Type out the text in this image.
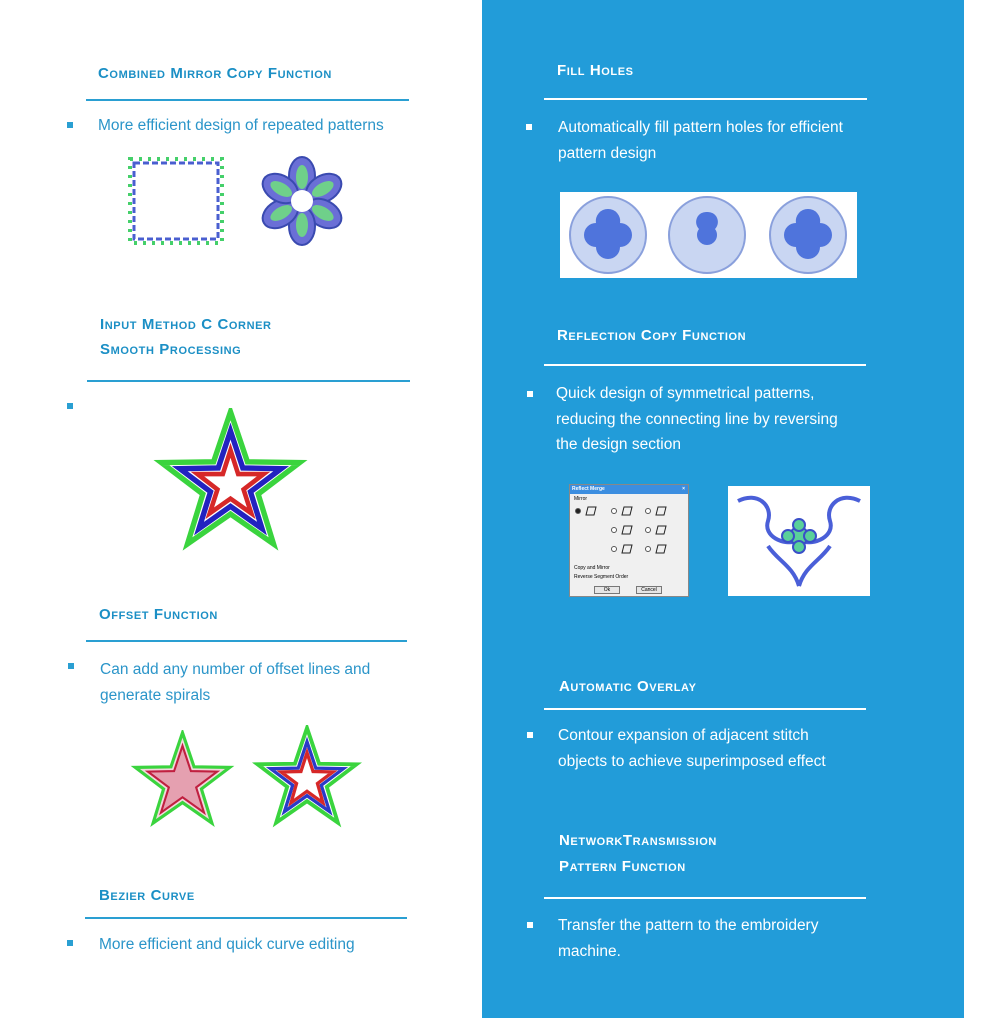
Combined Mirror Copy Function
More efficient design of repeated patterns
Input Method C Corner
Smooth Processing
Offset Function
Can add any number of offset lines and
generate spirals
Bezier Curve
More efficient and quick curve editing
Fill Holes
Automatically fill pattern holes for efficient
pattern design
Reflection Copy Function
Quick design of symmetrical patterns,
reducing the connecting line by reversing
the design section
Reflect Merge	×
Mirror
Copy and Mirror
Reverse Segment Order
Ok	Cancel
Automatic Overlay
Contour expansion of adjacent stitch
objects to achieve superimposed effect
NetworkTransmission
Pattern Function
Transfer the pattern to the embroidery
machine.
